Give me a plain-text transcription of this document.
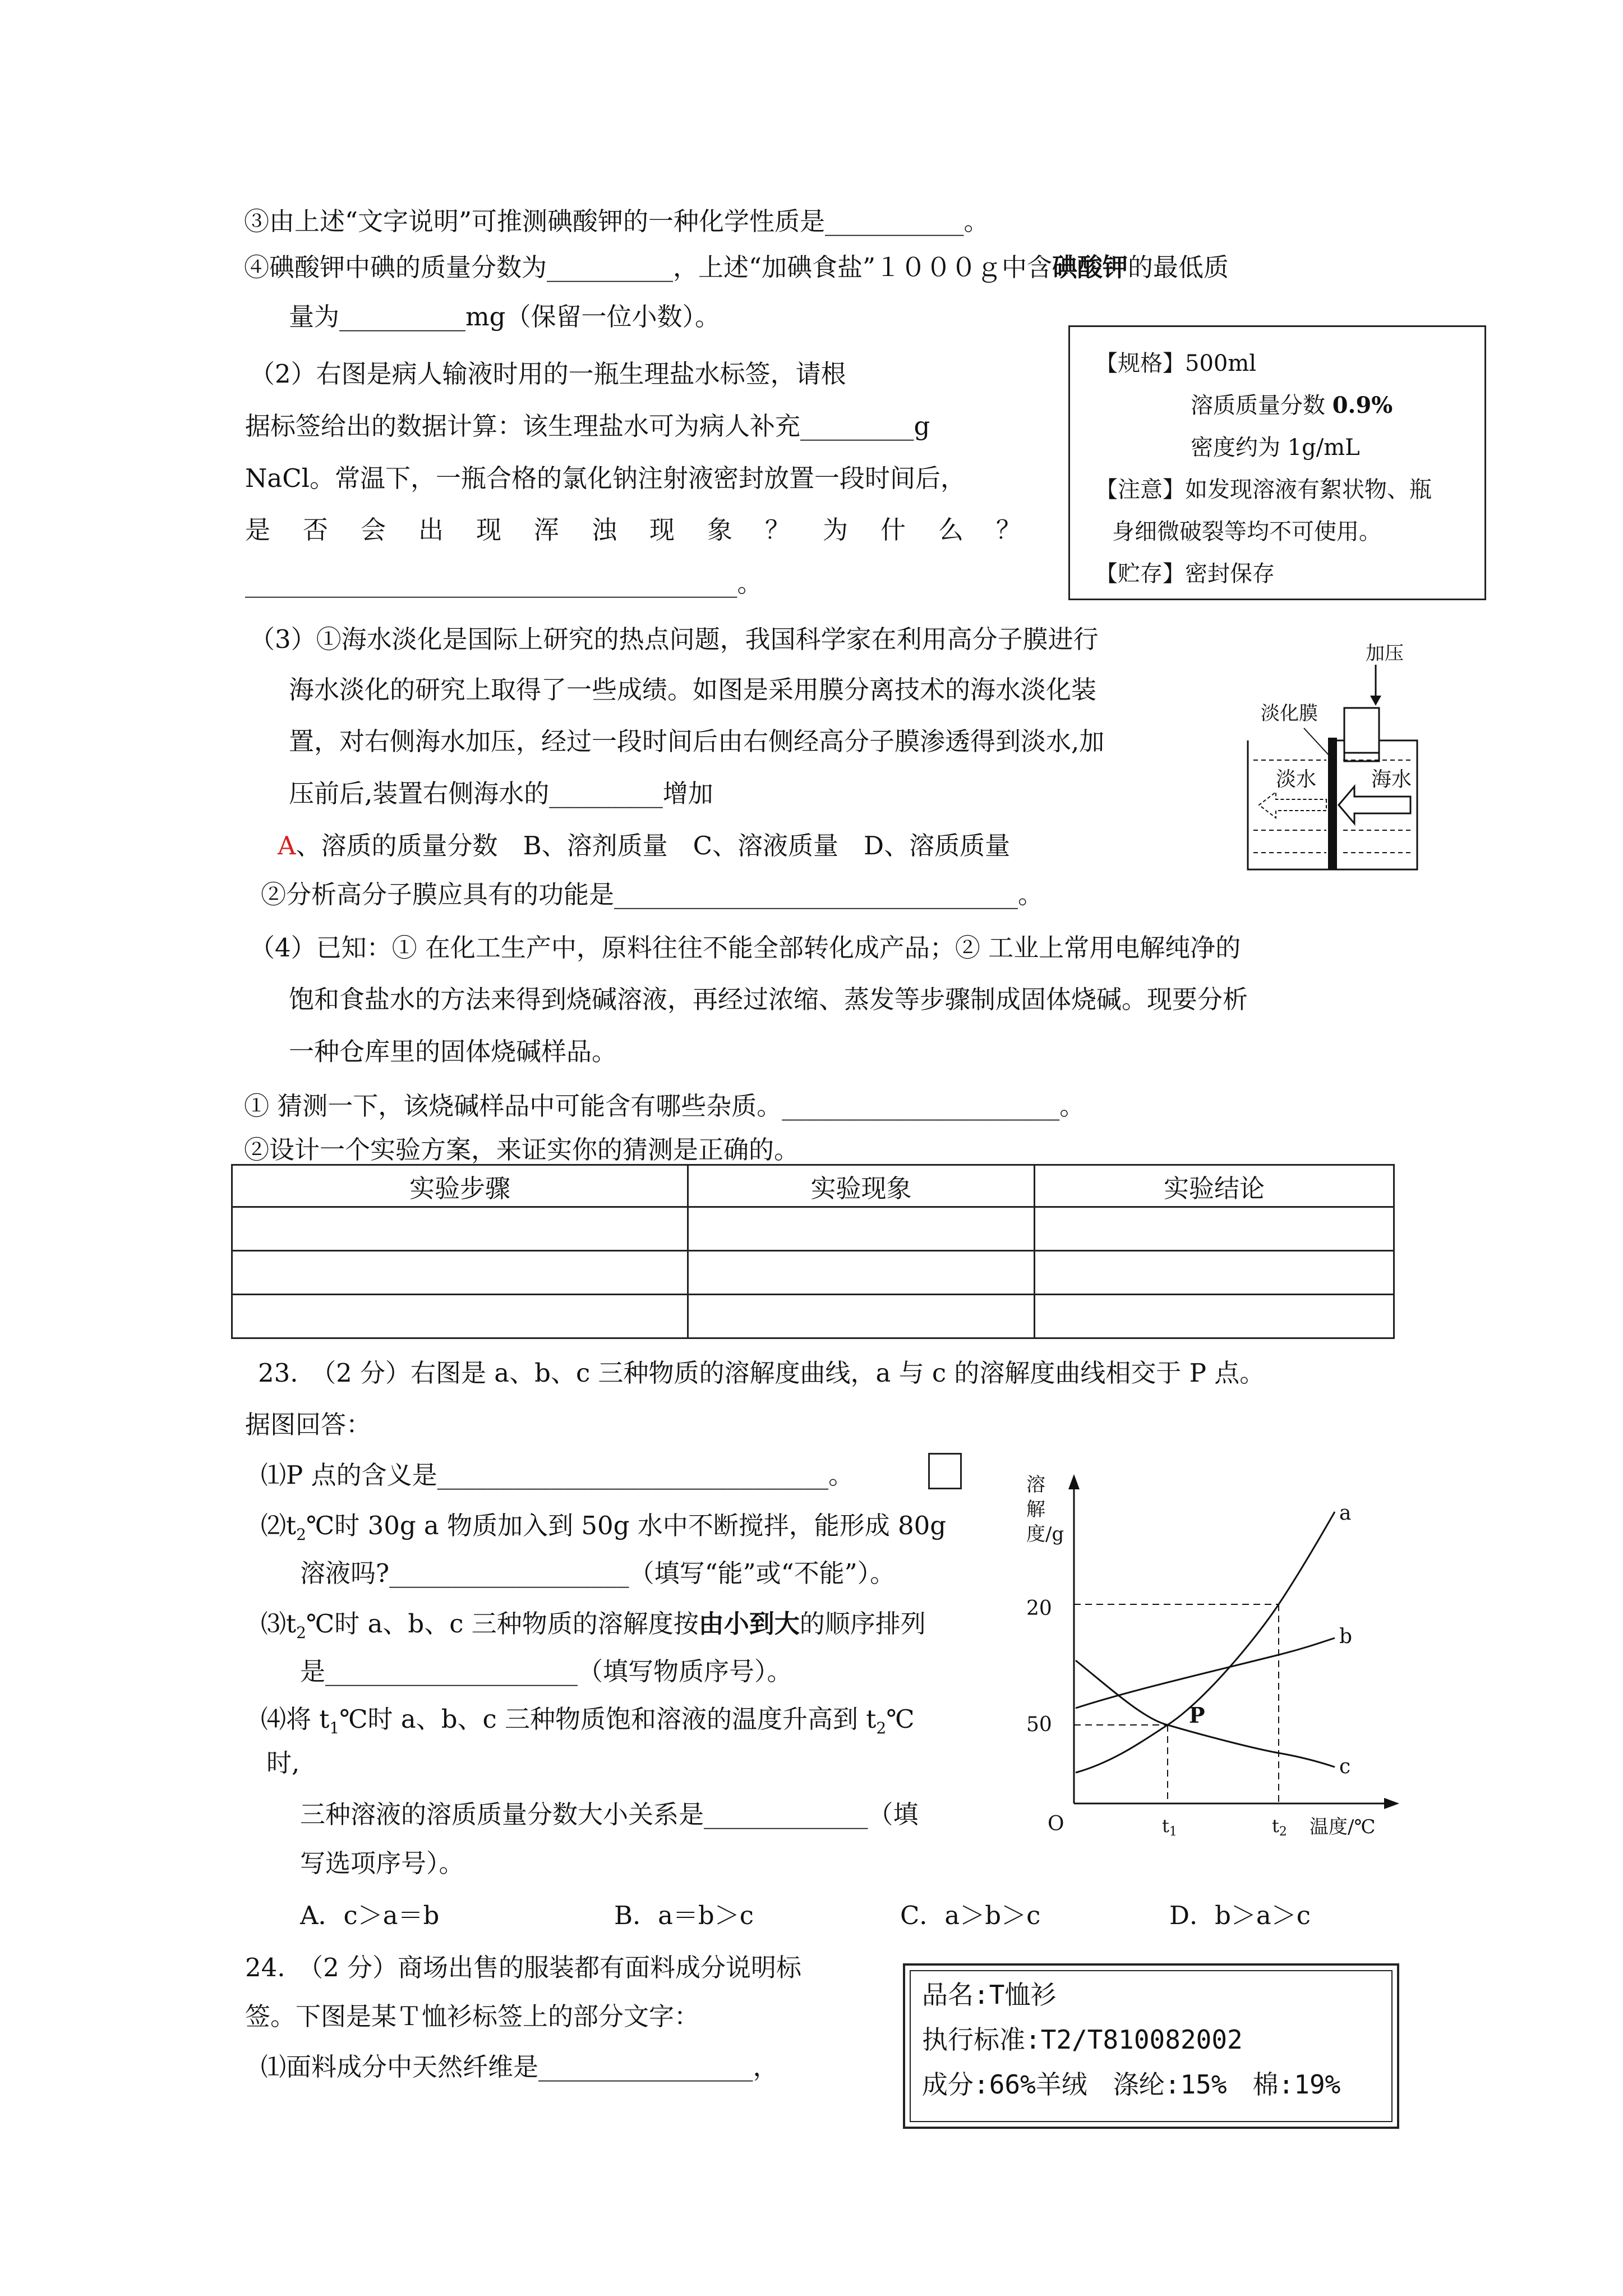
③由上述“文字说明”可推测碘酸钾的一种化学性质是___________。
④碘酸钾中碘的质量分数为__________，上述“加碘食盐”１０００ｇ中含碘酸钾的最低质
量为__________mg（保留一位小数）。
（2）右图是病人输液时用的一瓶生理盐水标签，请根
据标签给出的数据计算：该生理盐水可为病人补充_________g
NaCl。常温下，一瓶合格的氯化钠注射液密封放置一段时间后，
是否会出现浑浊现象？为什么？
_______________________________________。
【规格】500ml
溶质质量分数 0.9%
密度约为 1g/mL
【注意】如发现溶液有絮状物、瓶
身细微破裂等均不可使用。
【贮存】密封保存
（3）①海水淡化是国际上研究的热点问题，我国科学家在利用高分子膜进行
海水淡化的研究上取得了一些成绩。如图是采用膜分离技术的海水淡化装
置，对右侧海水加压，经过一段时间后由右侧经高分子膜渗透得到淡水,加
压前后,装置右侧海水的_________增加
A、溶质的质量分数　B、溶剂质量　C、溶液质量　D、溶质质量
②分析高分子膜应具有的功能是________________________________。
加压
淡化膜
淡水	海水
（4）已知：① 在化工生产中，原料往往不能全部转化成产品；② 工业上常用电解纯净的
饱和食盐水的方法来得到烧碱溶液，再经过浓缩、蒸发等步骤制成固体烧碱。现要分析
一种仓库里的固体烧碱样品。
① 猜测一下，该烧碱样品中可能含有哪些杂质。______________________。
②设计一个实验方案，来证实你的猜测是正确的。
实验步骤	实验现象	实验结论

23.　（2 分）右图是 a、b、c 三种物质的溶解度曲线，a 与 c 的溶解度曲线相交于 P 点。
据图回答：
⑴P 点的含义是_______________________________。
$⑵t_2℃$时 30g a 物质加入到 50g 水中不断搅拌，能形成 80g
溶液吗?___________________（填写“能”或“不能”）。
$⑶t_2℃$时 a、b、c 三种物质的溶解度按由小到大的顺序排列
是____________________（填写物质序号）。
⑷将 $t_1℃$时 a、b、c 三种物质饱和溶液的温度升高到 $t_2℃$
时,
三种溶液的溶质质量分数大小关系是_____________（填
写选项序号）。
A．c＞a＝b	B．a＝b＞c	C．a＞b＞c	D．b＞a＞c
溶解度/g
20
50
O	t1	t2 温度/℃
P
a
b
c
24.　（2 分）商场出售的服装都有面料成分说明标
签。下图是某Ｔ恤衫标签上的部分文字：
⑴面料成分中天然纤维是_________________，
品名:T恤衫
执行标准:T2/T810082002
成分:66%羊绒　涤纶:15%　棉:19%
